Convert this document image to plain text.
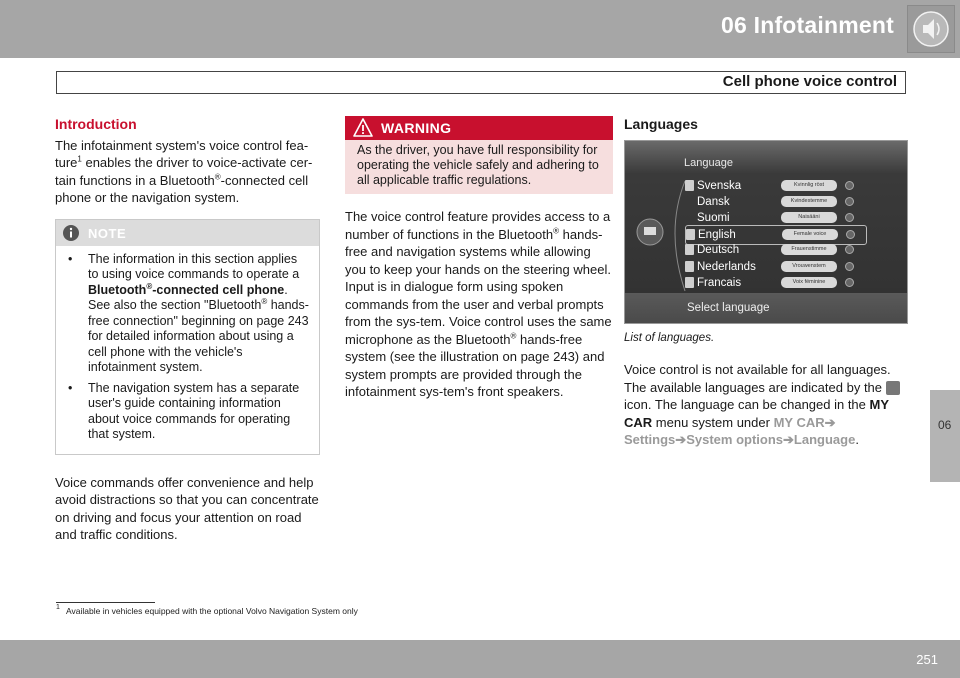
06 Infotainment
Cell phone voice control
06
Introduction

The infotainment system's voice control fea-ture$^1$ enables the driver to voice-activate cer-tain functions in a Bluetooth®-connected cell phone or the navigation system.

NOTE
• The information in this section applies to using voice commands to operate a Bluetooth®-connected cell phone. See also the section "Bluetooth® hands-free connection" beginning on page 243 for detailed information about using a cell phone with the vehicle's infotainment system.
• The navigation system has a separate user's guide containing information about voice commands for operating that system.

Voice commands offer convenience and help avoid distractions so that you can concentrate on driving and focus your attention on road and traffic conditions.

WARNING
As the driver, you have full responsibility for operating the vehicle safely and adhering to all applicable traffic regulations.

The voice control feature provides access to a number of functions in the Bluetooth® hands-free and navigation systems while allowing you to keep your hands on the steering wheel. Input is in dialogue form using spoken commands from the user and verbal prompts from the sys-tem. Voice control uses the same microphone as the Bluetooth® hands-free system (see the illustration on page 243) and system prompts are provided through the infotainment sys-tem's front speakers.

Languages
Language
Svenska	Kvinnlig röst
Dansk	Kvindestemme
Suomi	Naisääni
English	Female voice
Deutsch	Frauenstimme
Nederlands	Vrouwenstem
Francais	Voix féminine
Select language
List of languages.

Voice control is not available for all languages. The available languages are indicated by the  icon. The language can be changed in the MY CAR menu system under MY CAR➔ Settings➔System options➔Language.

1 Available in vehicles equipped with the optional Volvo Navigation System only
251
